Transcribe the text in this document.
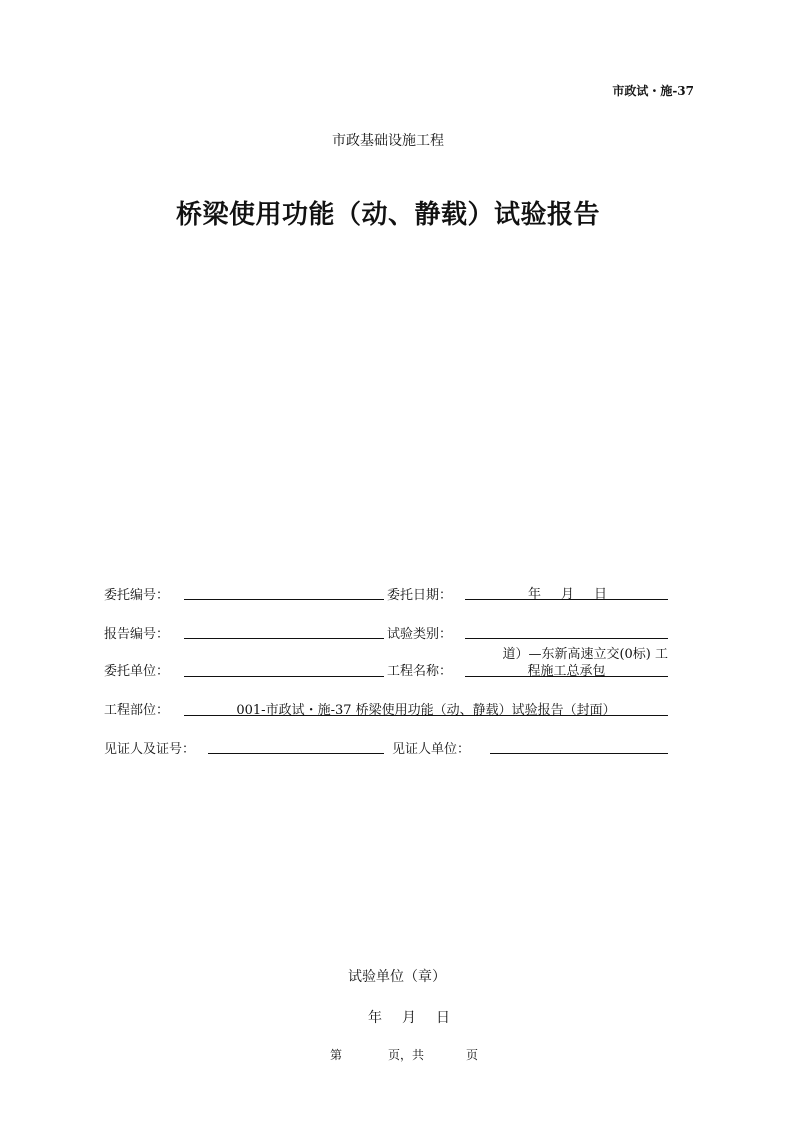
市政试・施-37
市政基础设施工程
桥梁使用功能（动、静载）试验报告
委托编号：	委托日期：	年 月 日
报告编号：	试验类别：
委托单位：	工程名称：
道）—东新高速立交(0标) 工
程施工总承包
工程部位：	001-市政试・施-37 桥梁使用功能（动、静载）试验报告（封面）
见证人及证号：	见证人单位：
试验单位（章）
年 月 日
第	页，共	页
